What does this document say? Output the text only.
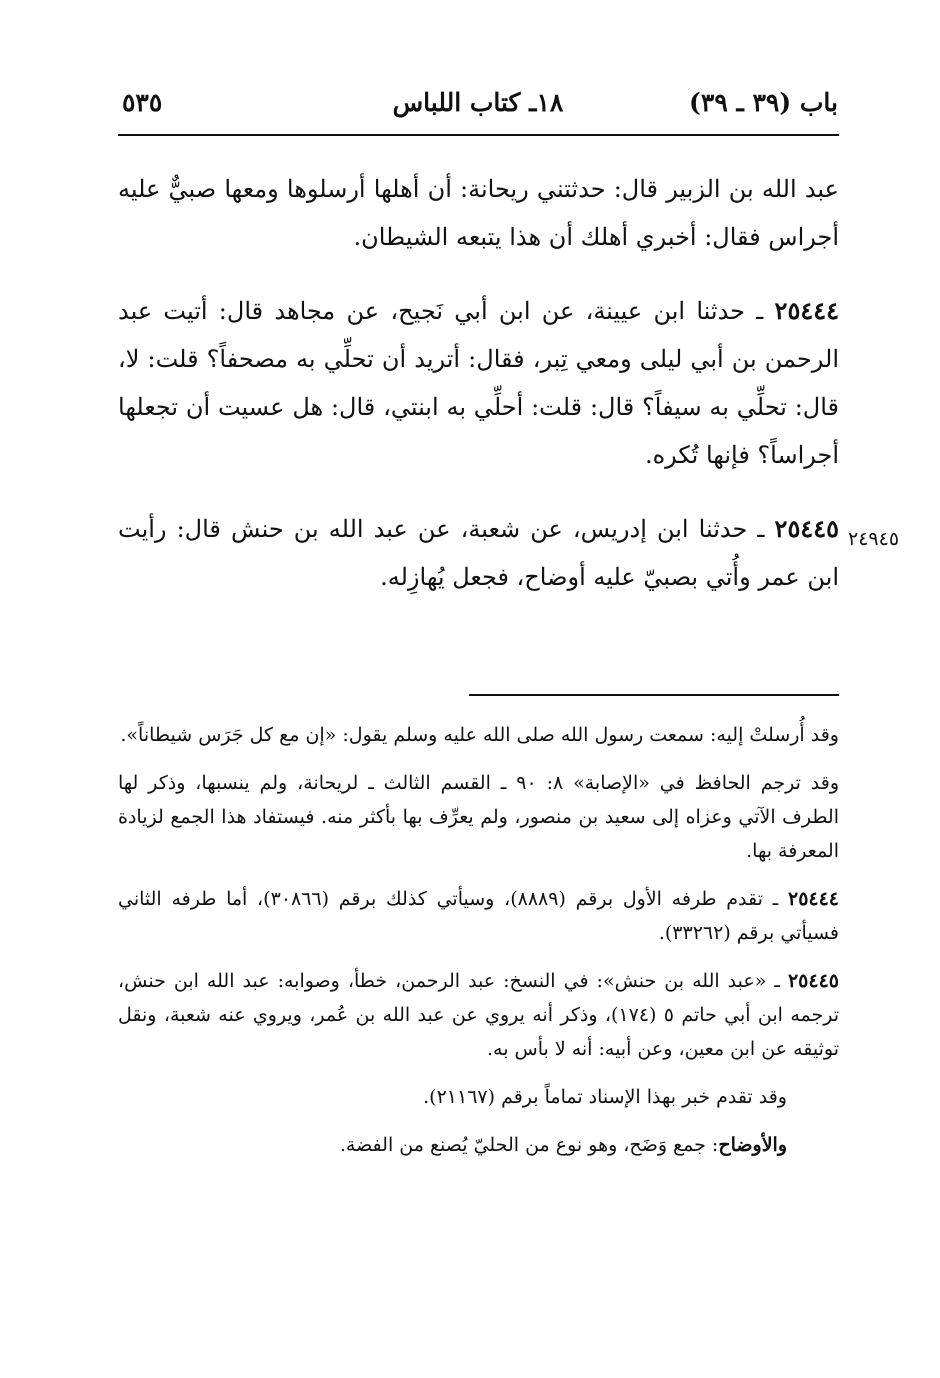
باب (٣٩ ـ ٣٩)
١٨ـ كتاب اللباس
٥٣٥

عبد الله بن الزبير قال: حدثتني ريحانة: أن أهلها أرسلوها ومعها صبيٌّ عليه أجراس فقال: أخبري أهلك أن هذا يتبعه الشيطان.

٢٥٤٤٤ ـ حدثنا ابن عيينة، عن ابن أبي نَجيح، عن مجاهد قال: أتيت عبد الرحمن بن أبي ليلى ومعي تِبر، فقال: أتريد أن تحلِّي به مصحفاً؟ قلت: لا، قال: تحلِّي به سيفاً؟ قال: قلت: أحلِّي به ابنتي، قال: هل عسيت أن تجعلها أجراساً؟ فإنها تُكره.

٢٥٤٤٥ ـ حدثنا ابن إدريس، عن شعبة، عن عبد الله بن حنش قال: رأيت ابن عمر وأُتي بصبيّ عليه أوضاح، فجعل يُهازِله.

٢٤٩٤٥

وقد أُرسلتْ إليه: سمعت رسول الله صلى الله عليه وسلم يقول: «إن مع كل جَرَس شيطاناً».

وقد ترجم الحافظ في «الإصابة» ٨: ٩٠ ـ القسم الثالث ـ لريحانة، ولم ينسبها، وذكر لها الطرف الآتي وعزاه إلى سعيد بن منصور، ولم يعرِّف بها بأكثر منه. فيستفاد هذا الجمع لزيادة المعرفة بها.

٢٥٤٤٤ ـ تقدم طرفه الأول برقم (٨٨٨٩)، وسيأتي كذلك برقم (٣٠٨٦٦)، أما طرفه الثاني فسيأتي برقم (٣٣٢٦٢).

٢٥٤٤٥ ـ «عبد الله بن حنش»: في النسخ: عبد الرحمن، خطأ، وصوابه: عبد الله ابن حنش، ترجمه ابن أبي حاتم ٥ (١٧٤)، وذكر أنه يروي عن عبد الله بن عُمر، ويروي عنه شعبة، ونقل توثيقه عن ابن معين، وعن أبيه: أنه لا بأس به.

وقد تقدم خبر بهذا الإسناد تماماً برقم (٢١١٦٧).

والأوضاح: جمع وَضَح، وهو نوع من الحليّ يُصنع من الفضة.
